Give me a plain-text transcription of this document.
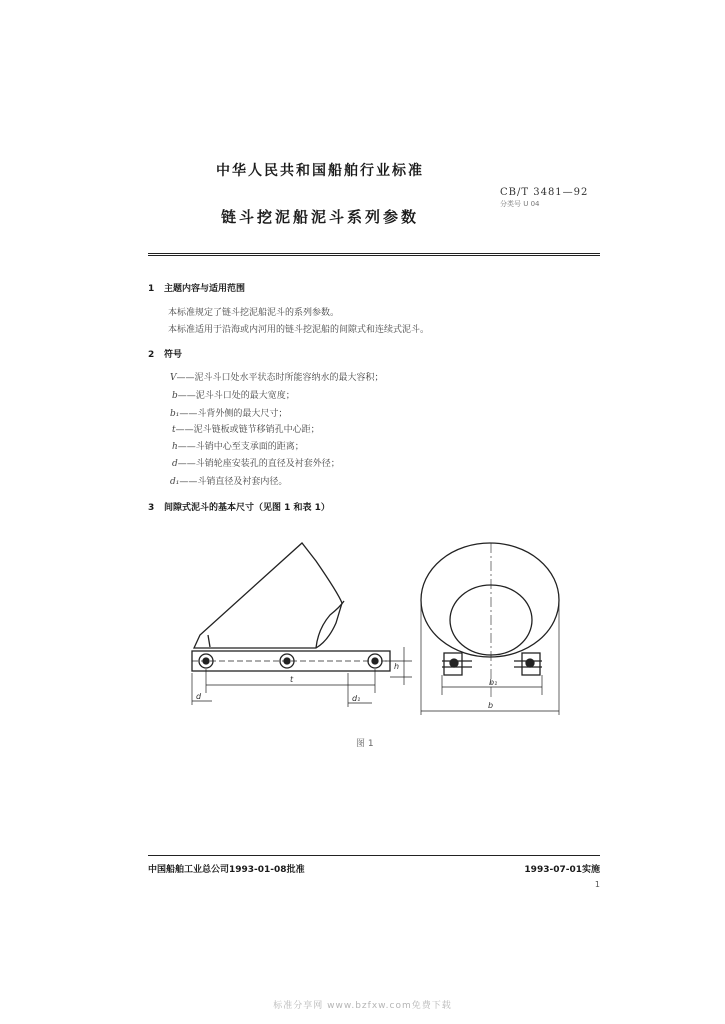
中华人民共和国船舶行业标准
CB/T 3481—92
分类号 U 04
链斗挖泥船泥斗系列参数
1 主题内容与适用范围
本标准规定了链斗挖泥船泥斗的系列参数。
本标准适用于沿海或内河用的链斗挖泥船的间隙式和连续式泥斗。
2 符号
V——泥斗斗口处水平状态时所能容纳水的最大容积；
b——泥斗斗口处的最大宽度；
b₁——斗背外侧的最大尺寸；
t——泥斗链板或链节移销孔中心距；
h——斗销中心至支承面的距离；
d——斗销轮座安装孔的直径及衬套外径；
d₁——斗销直径及衬套内径。
3 间隙式泥斗的基本尺寸（见图 1 和表 1）
t
d	d₁
h
b₁
b
图 1
中国船舶工业总公司1993-01-08批准	1993-07-01实施
1
标准分享网 www.bzfxw.com免费下载
